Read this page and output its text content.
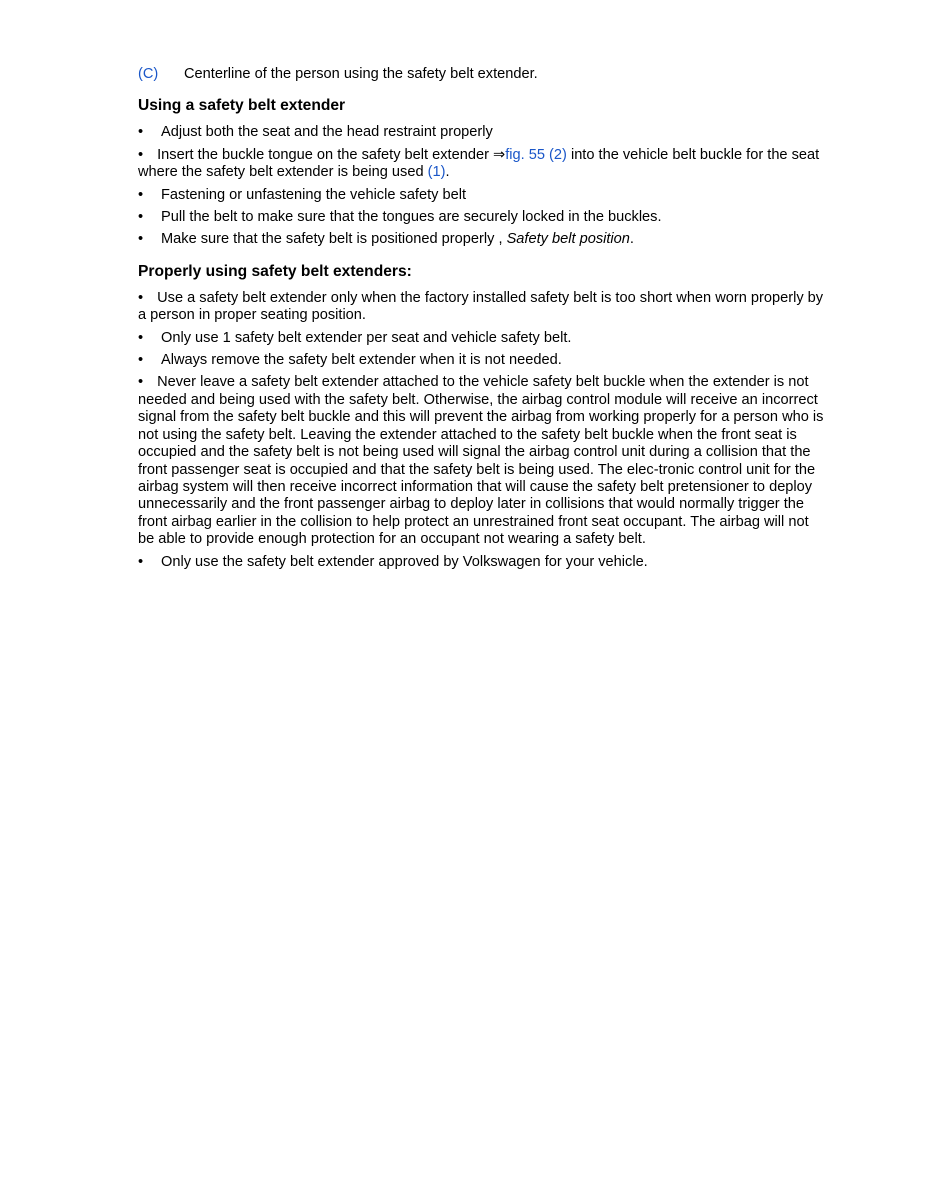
(C)	Centerline of the person using the safety belt extender.
Using a safety belt extender
• Adjust both the seat and the head restraint properly
• Insert the buckle tongue on the safety belt extender ⇒fig. 55 (2) into the vehicle belt buckle for the seat where the safety belt extender is being used (1).
• Fastening or unfastening the vehicle safety belt
• Pull the belt to make sure that the tongues are securely locked in the buckles.
• Make sure that the safety belt is positioned properly , Safety belt position.
Properly using safety belt extenders:
• Use a safety belt extender only when the factory installed safety belt is too short when worn properly by a person in proper seating position.
• Only use 1 safety belt extender per seat and vehicle safety belt.
• Always remove the safety belt extender when it is not needed.
• Never leave a safety belt extender attached to the vehicle safety belt buckle when the extender is not needed and being used with the safety belt. Otherwise, the airbag control module will receive an incorrect signal from the safety belt buckle and this will prevent the airbag from working properly for a person who is not using the safety belt. Leaving the extender attached to the safety belt buckle when the front seat is occupied and the safety belt is not being used will signal the airbag control unit during a collision that the front passenger seat is occupied and that the safety belt is being used. The elec-tronic control unit for the airbag system will then receive incorrect information that will cause the safety belt pretensioner to deploy unnecessarily and the front passenger airbag to deploy later in collisions that would normally trigger the front airbag earlier in the collision to help protect an unrestrained front seat occupant. The airbag will not be able to provide enough protection for an occupant not wearing a safety belt.
• Only use the safety belt extender approved by Volkswagen for your vehicle.
